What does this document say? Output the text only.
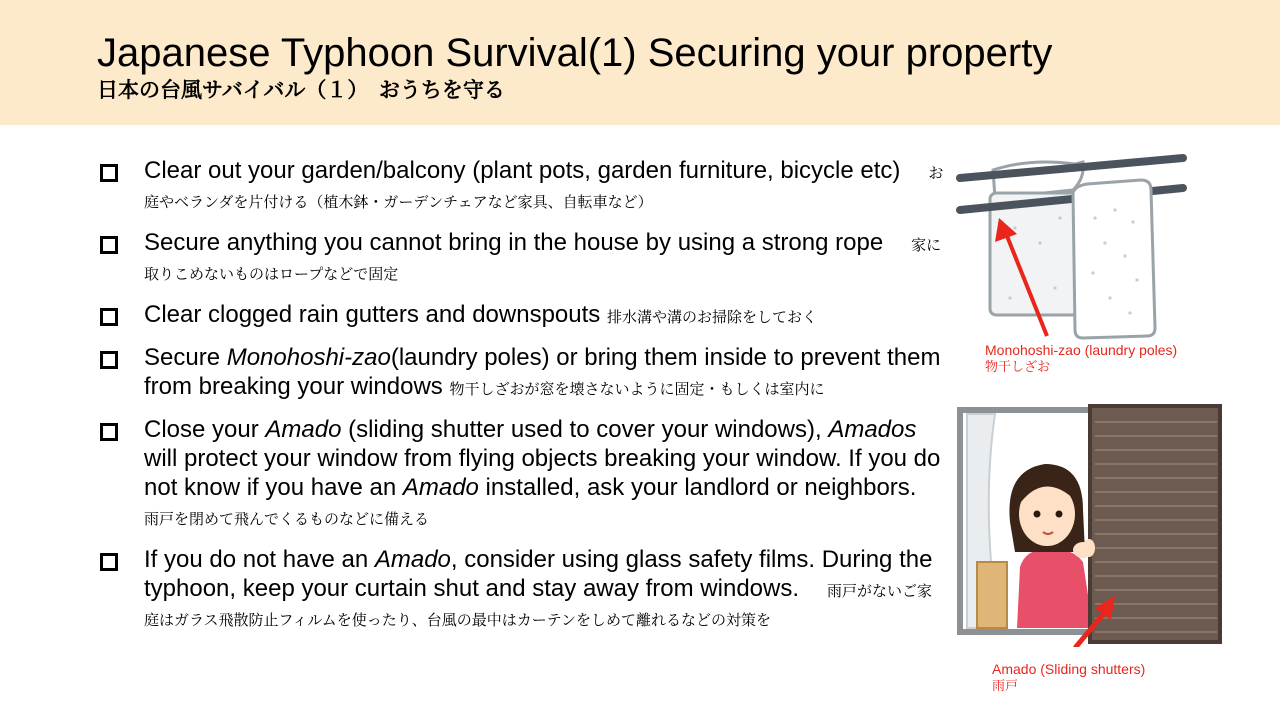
Japanese Typhoon Survival(1) Securing your property
日本の台風サバイバル（１）　おうちを守る
Clear out your garden/balcony (plant pots, garden furniture, bicycle etc) お庭やベランダを片付ける（植木鉢・ガーデンチェアなど家具、自転車など）
Secure anything you cannot bring in the house by using a strong rope 家に取りこめないものはロープなどで固定
Clear clogged rain gutters and downspouts 排水溝や溝のお掃除をしておく
Secure Monohoshi-zao(laundry poles) or bring them inside to prevent them from breaking your windows 物干しざおが窓を壊さないように固定・もしくは室内に
Close your Amado (sliding shutter used to cover your windows), Amados will protect your window from flying objects breaking your window. If you do not know if you have an Amado installed, ask your landlord or neighbors.雨戸を閉めて飛んでくるものなどに備える
If you do not have an Amado, consider using glass safety films. During the typhoon, keep your curtain shut and stay away from windows. 雨戸がないご家庭はガラス飛散防止フィルムを使ったり、台風の最中はカーテンをしめて離れるなどの対策を
Monohoshi-zao (laundry poles)
物干しざお
Amado (Sliding shutters)
雨戸
